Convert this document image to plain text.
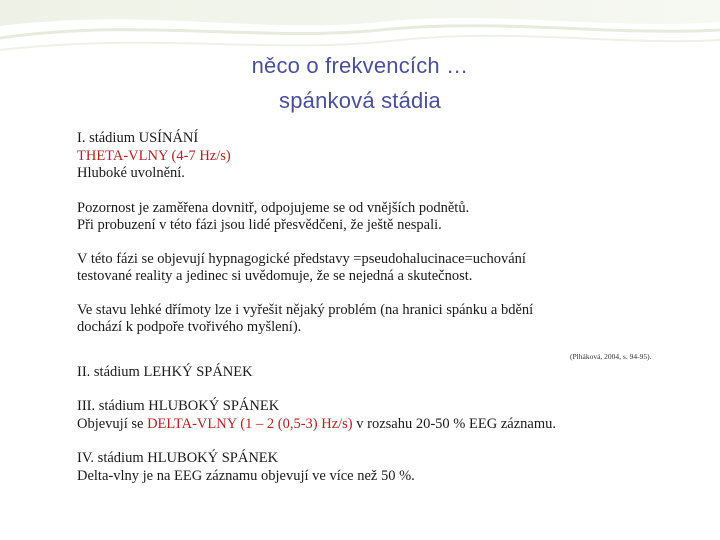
něco o frekvencích …
spánková stádia

I. stádium USÍNÁNÍ

THETA-VLNY (4-7 Hz/s)

Hluboké uvolnění.

Pozornost je zaměřena dovnitř, odpojujeme se od vnějších podnětů.

Při probuzení v této fázi jsou lidé přesvědčeni, že ještě nespali.

V této fázi se objevují hypnagogické představy =pseudohalucinace=uchování

testované reality a jedinec si uvědomuje, že se nejedná a skutečnost.

Ve stavu lehké dřímoty lze i vyřešit nějaký problém (na hranici spánku a bdění

dochází k podpoře tvořivého myšlení).

II. stádium LEHKÝ SPÁNEK

III. stádium HLUBOKÝ SPÁNEK

Objevují se DELTA-VLNY (1 – 2 (0,5-3) Hz/s) v rozsahu 20-50 % EEG záznamu.

IV. stádium HLUBOKÝ SPÁNEK

Delta-vlny je na EEG záznamu objevují ve více než 50 %.

(Plháková, 2004, s. 94-95).
